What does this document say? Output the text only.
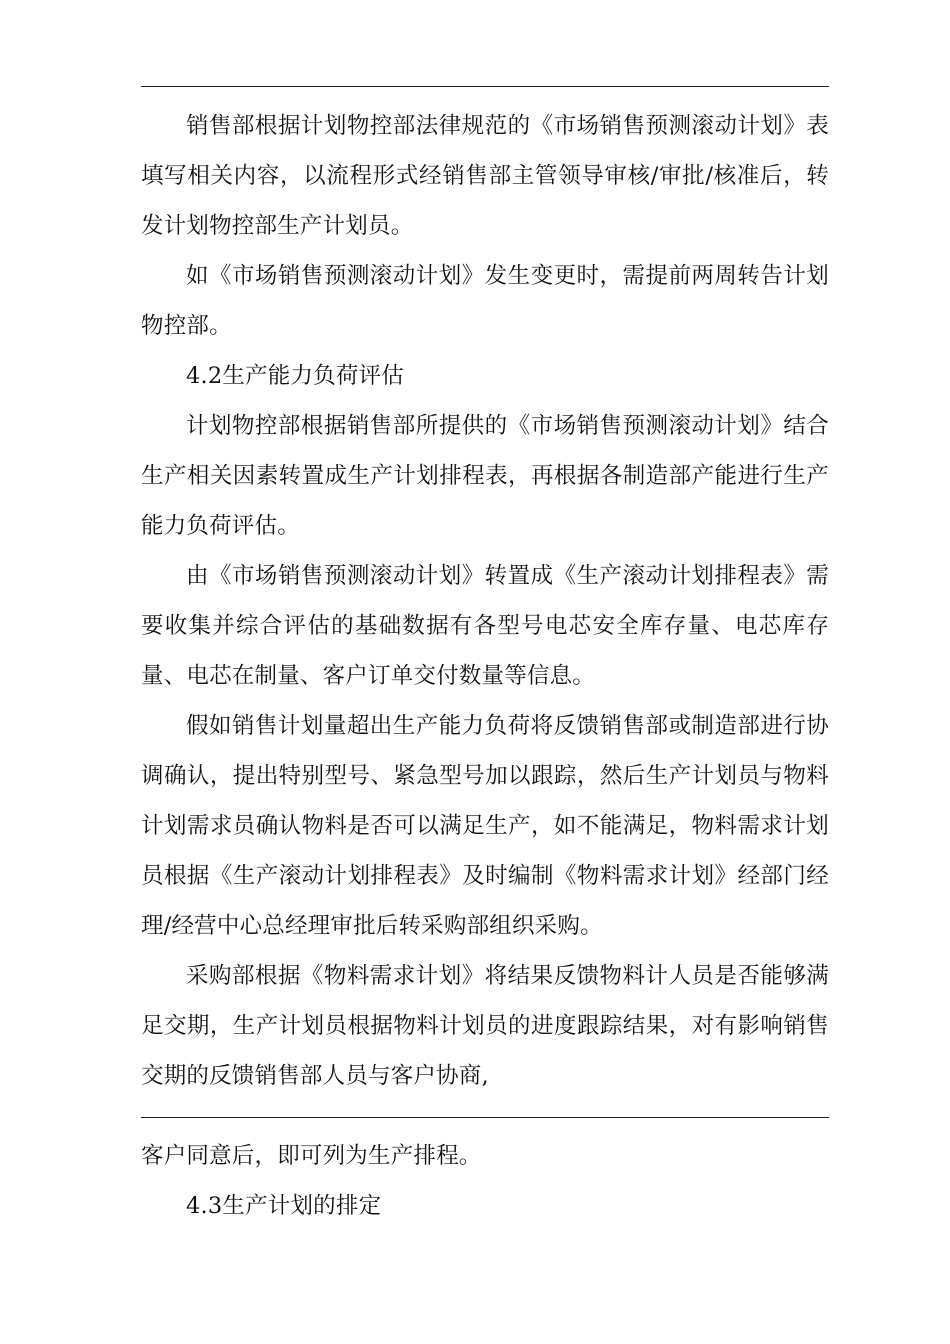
销售部根据计划物控部法律规范的《市场销售预测滚动计划》表填写相关内容，以流程形式经销售部主管领导审核/审批/核准后，转发计划物控部生产计划员。

如《市场销售预测滚动计划》发生变更时，需提前两周转告计划物控部。

4.2生产能力负荷评估

计划物控部根据销售部所提供的《市场销售预测滚动计划》结合生产相关因素转置成生产计划排程表，再根据各制造部产能进行生产能力负荷评估。

由《市场销售预测滚动计划》转置成《生产滚动计划排程表》需要收集并综合评估的基础数据有各型号电芯安全库存量、电芯库存量、电芯在制量、客户订单交付数量等信息。

假如销售计划量超出生产能力负荷将反馈销售部或制造部进行协调确认，提出特别型号、紧急型号加以跟踪，然后生产计划员与物料计划需求员确认物料是否可以满足生产，如不能满足，物料需求计划员根据《生产滚动计划排程表》及时编制《物料需求计划》经部门经理/经营中心总经理审批后转采购部组织采购。

采购部根据《物料需求计划》将结果反馈物料计人员是否能够满足交期，生产计划员根据物料计划员的进度跟踪结果，对有影响销售交期的反馈销售部人员与客户协商,

客户同意后，即可列为生产排程。

4.3生产计划的排定
